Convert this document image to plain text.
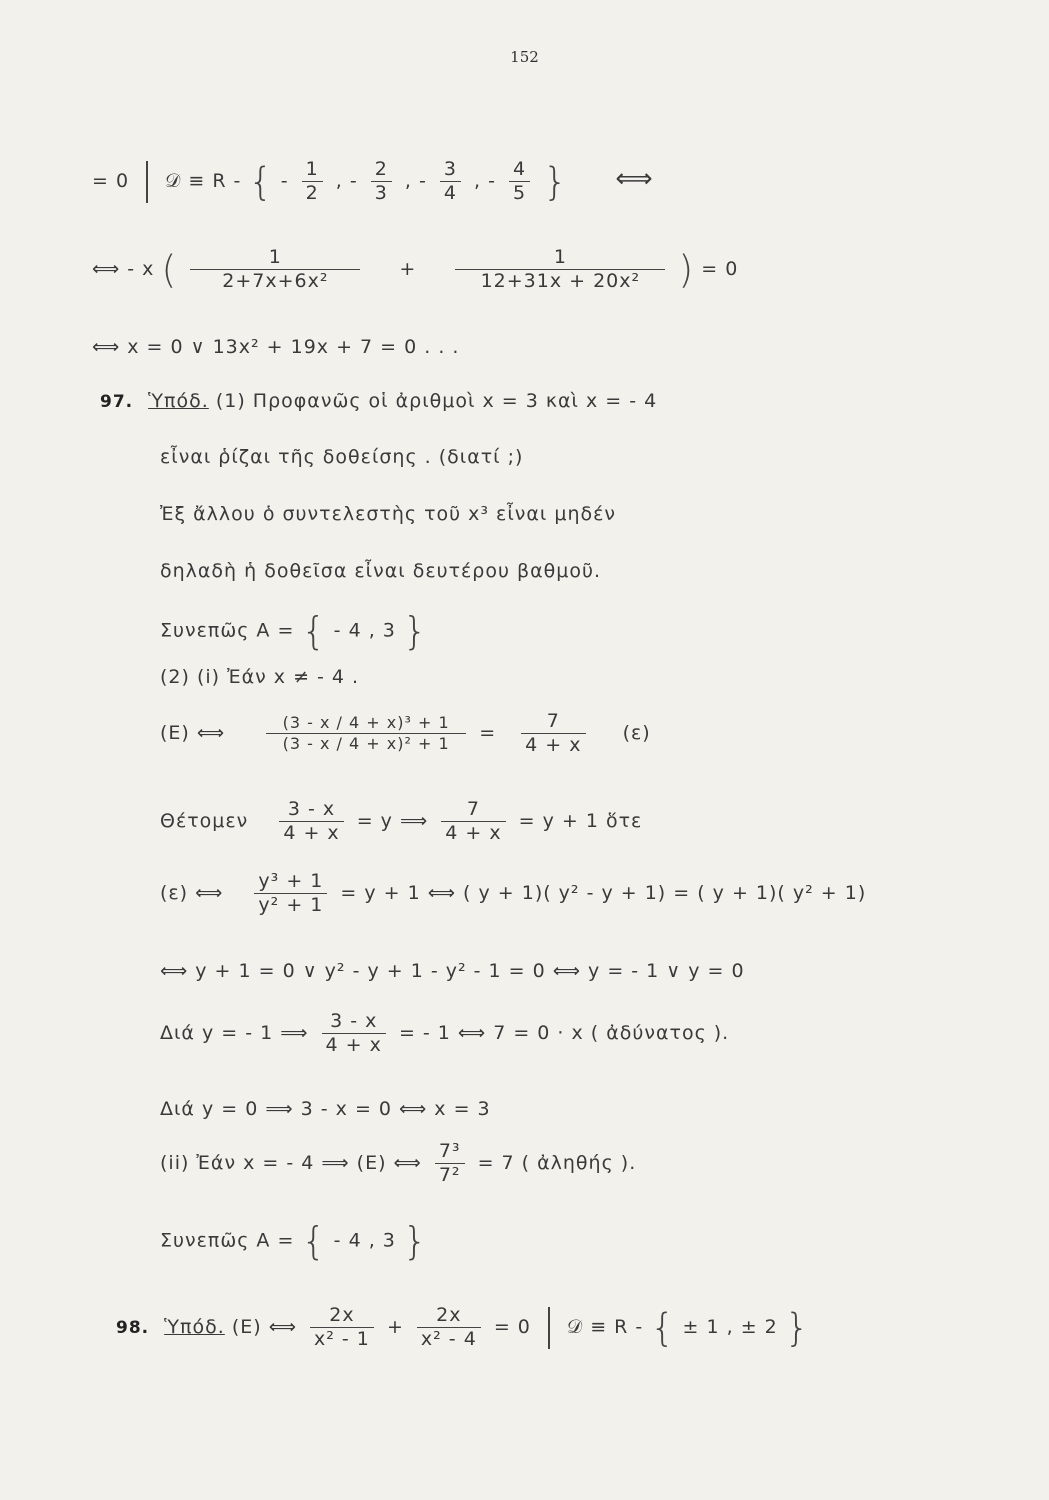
152
= 0 𝒟 ≡ R - { - $\frac{1}{2}$ , - $\frac{2}{3}$ , - $\frac{3}{4}$ , - $\frac{4}{5}$ } ⟺
⟺ - x ( $\frac{1}{\text{2+7x+6x²}} + \frac{1}{\text{12+31x + 20x²}}$ ) = 0
⟺ x = 0 ∨ 13x² + 19x + 7 = 0 . . .
97. Ὑπόδ. (1) Προφανῶς οἱ ἀριθμοὶ x = 3 καὶ x = - 4
εἶναι ῥίζαι τῆς δοθείσης . (διατί ;)
Ἐξ ἄλλου ὁ συντελεστὴς τοῦ x³ εἶναι μηδέν
δηλαδὴ ἡ δοθεῖσα εἶναι δευτέρου βαθμοῦ.
Συνεπῶς A = { - 4 , 3 }
(2) (i) Ἐάν x ≠ - 4 .
(E) ⟺	$\frac{\text{(3 - x / 4 + x)³ + 1}}{\text{(3 - x / 4 + x)² + 1}} = \frac{7}{4 + x} (\varepsilon)$
Θέτομεν $\frac{3 - x}{4 + x} = y$ ⟹ $\frac{7}{4 + x} = y + 1$ ὅτε
(ε) ⟺ $\frac{\text{y³ + 1}}{\text{y² + 1}} = y + 1$ ⟺ ( y + 1)( y² - y + 1) = ( y + 1)( y² + 1)
⟺ y + 1 = 0 ∨ y² - y + 1 - y² - 1 = 0 ⟺ y = - 1 ∨ y = 0
Διά y = - 1 ⟹ $\frac{3 - x}{4 + x}$ = - 1 ⟺ 7 = 0 · x ( ἀδύνατος ).
Διά y = 0 ⟹ 3 - x = 0 ⟺ x = 3
(ii) Ἐάν x = - 4 ⟹ (E) ⟺ $\frac{\text{7³}}{\text{7²}} = 7$ ( ἀληθής ).
Συνεπῶς A = { - 4 , 3 }
98. Ὑπόδ. (E) ⟺ $\frac{2x}{\text{x² - 1}} + \frac{2x}{\text{x² - 4}} = 0$ 𝒟 ≡ R - { ± 1 , ± 2 }
